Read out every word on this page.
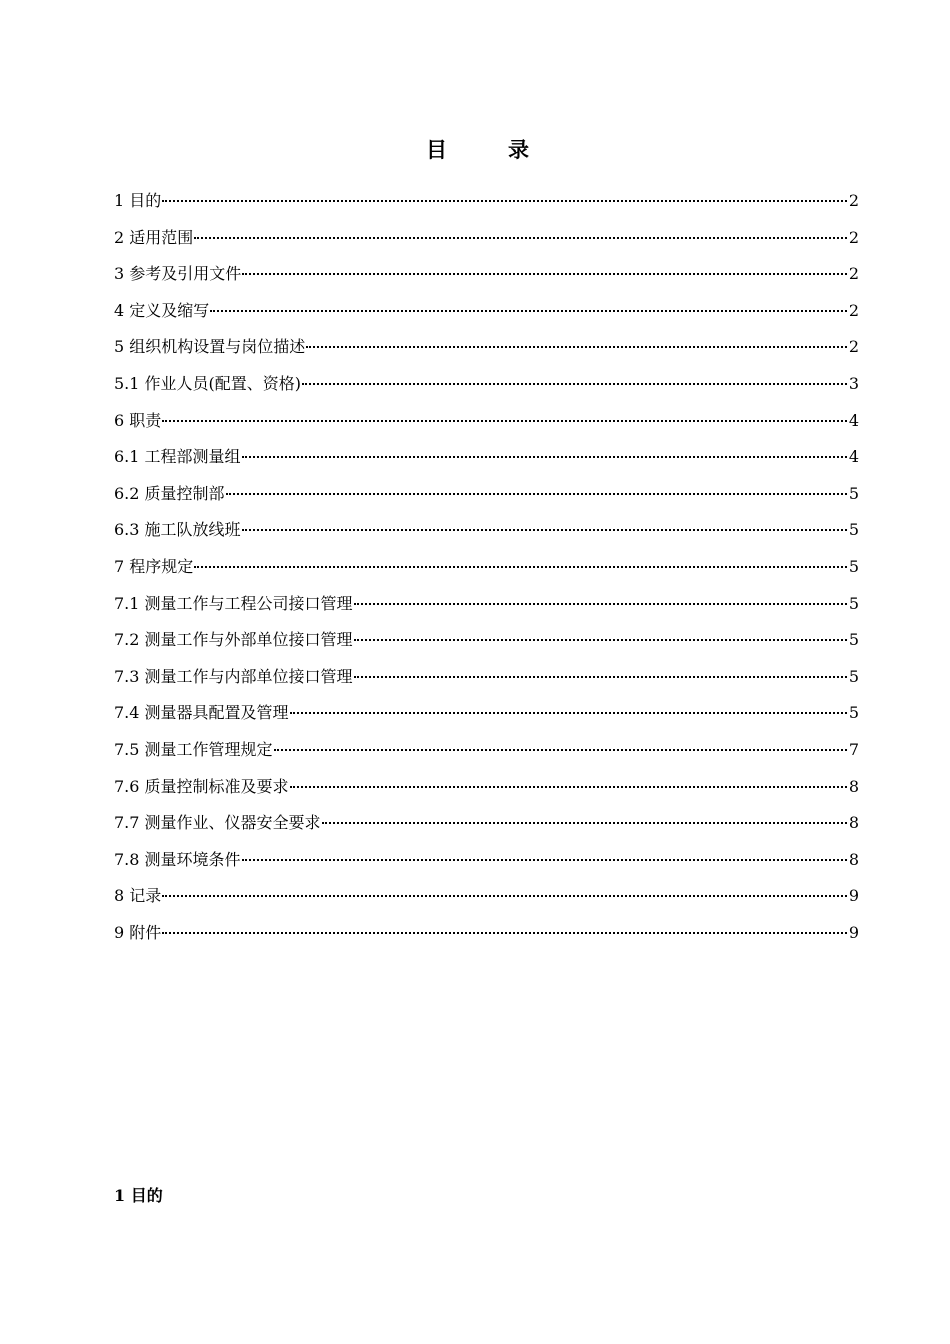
目　录
1 目的	2
2 适用范围	2
3 参考及引用文件	2
4 定义及缩写	2
5 组织机构设置与岗位描述	2
5.1 作业人员(配置、资格)	3
6 职责	4
6.1 工程部测量组	4
6.2 质量控制部	5
6.3 施工队放线班	5
7 程序规定	5
7.1 测量工作与工程公司接口管理	5
7.2 测量工作与外部单位接口管理	5
7.3 测量工作与内部单位接口管理	5
7.4 测量器具配置及管理	5
7.5 测量工作管理规定	7
7.6 质量控制标准及要求	8
7.7 测量作业、仪器安全要求	8
7.8 测量环境条件	8
8 记录	9
9 附件	9
1 目的
